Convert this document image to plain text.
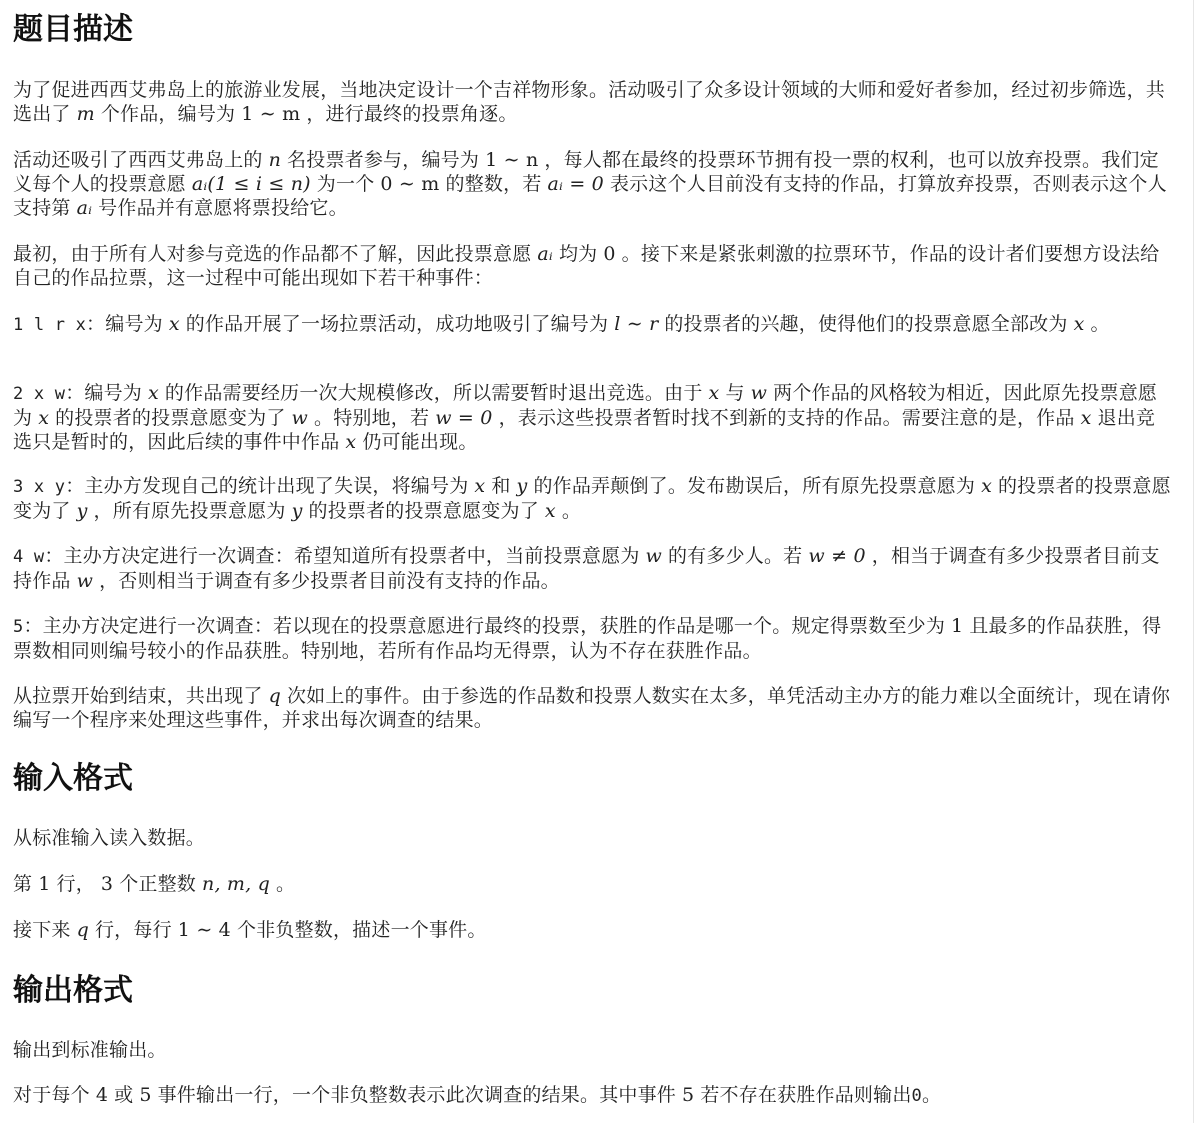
题目描述

为了促进西西艾弗岛上的旅游业发展，当地决定设计一个吉祥物形象。活动吸引了众多设计领域的大师和爱好者参加，经过初步筛选，共选出了 m 个作品，编号为 1 ∼ m ，进行最终的投票角逐。

活动还吸引了西西艾弗岛上的 n 名投票者参与，编号为 1 ∼ n ，每人都在最终的投票环节拥有投一票的权利，也可以放弃投票。我们定义每个人的投票意愿 aᵢ(1 ≤ i ≤ n) 为一个 0 ∼ m 的整数，若 aᵢ = 0 表示这个人目前没有支持的作品，打算放弃投票，否则表示这个人支持第 aᵢ 号作品并有意愿将票投给它。

最初，由于所有人对参与竞选的作品都不了解，因此投票意愿 aᵢ 均为 0 。接下来是紧张刺激的拉票环节，作品的设计者们要想方设法给自己的作品拉票，这一过程中可能出现如下若干种事件：

1 l r x：编号为 x 的作品开展了一场拉票活动，成功地吸引了编号为 l ∼ r 的投票者的兴趣，使得他们的投票意愿全部改为 x 。

2 x w：编号为 x 的作品需要经历一次大规模修改，所以需要暂时退出竞选。由于 x 与 w 两个作品的风格较为相近，因此原先投票意愿为 x 的投票者的投票意愿变为了 w 。特别地，若 w = 0 ，表示这些投票者暂时找不到新的支持的作品。需要注意的是，作品 x 退出竞选只是暂时的，因此后续的事件中作品 x 仍可能出现。

3 x y：主办方发现自己的统计出现了失误，将编号为 x 和 y 的作品弄颠倒了。发布勘误后，所有原先投票意愿为 x 的投票者的投票意愿变为了 y ，所有原先投票意愿为 y 的投票者的投票意愿变为了 x 。

4 w：主办方决定进行一次调查：希望知道所有投票者中，当前投票意愿为 w 的有多少人。若 w ≠ 0 ，相当于调查有多少投票者目前支持作品 w ，否则相当于调查有多少投票者目前没有支持的作品。

5：主办方决定进行一次调查：若以现在的投票意愿进行最终的投票，获胜的作品是哪一个。规定得票数至少为 1 且最多的作品获胜，得票数相同则编号较小的作品获胜。特别地，若所有作品均无得票，认为不存在获胜作品。

从拉票开始到结束，共出现了 q 次如上的事件。由于参选的作品数和投票人数实在太多，单凭活动主办方的能力难以全面统计，现在请你编写一个程序来处理这些事件，并求出每次调查的结果。

输入格式

从标准输入读入数据。

第 1 行， 3 个正整数 n, m, q 。

接下来 q 行，每行 1 ∼ 4 个非负整数，描述一个事件。

输出格式

输出到标准输出。

对于每个 4 或 5 事件输出一行，一个非负整数表示此次调查的结果。其中事件 5 若不存在获胜作品则输出0。
